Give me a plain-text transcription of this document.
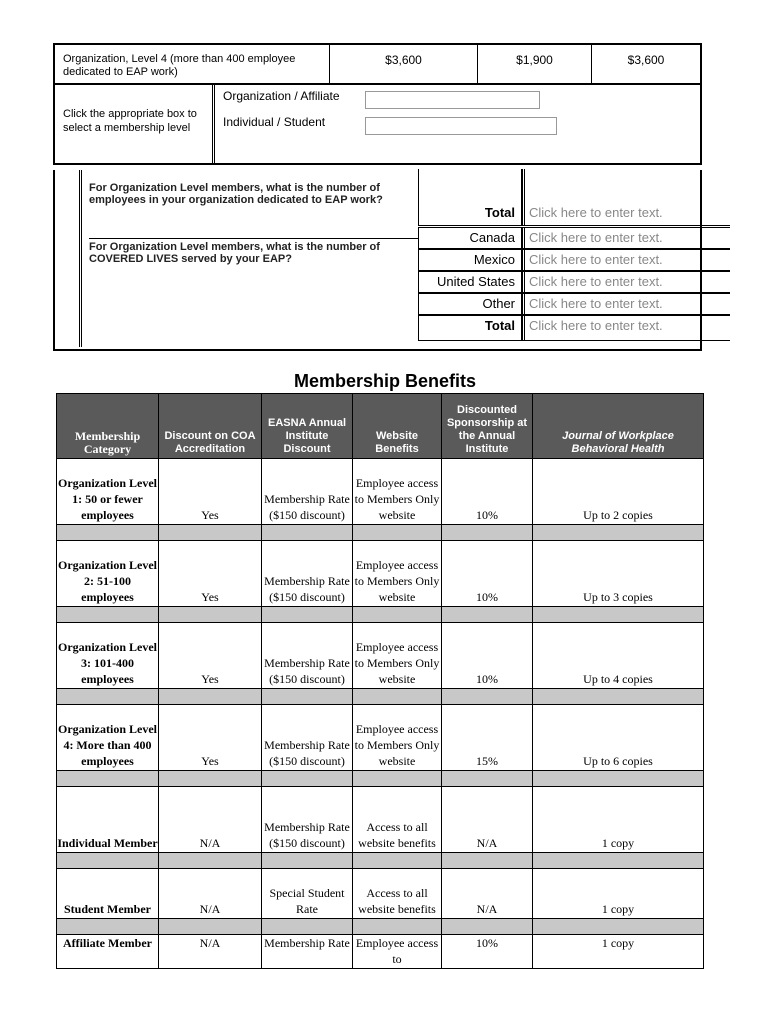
Organization, Level 4 (more than 400 employee dedicated to EAP work)
$3,600	$1,900	$3,600
Click the appropriate box to select a membership level
Organization / Affiliate
Individual / Student
For Organization Level members, what is the number of employees in your organization dedicated to EAP work?
For Organization Level members, what is the number of COVERED LIVES served by your EAP?
Total	Click here to enter text.
Canada	Click here to enter text.
Mexico	Click here to enter text.
United States	Click here to enter text.
Other	Click here to enter text.
Total	Click here to enter text.
Membership Benefits
Membership Category	Discount on COA Accreditation	EASNA Annual Institute Discount	Website Benefits	Discounted Sponsorship at the Annual Institute	Journal of Workplace Behavioral Health
Organization Level 1: 50 or fewer employees	Yes	Membership Rate ($150 discount)	Employee access to Members Only website	10%	Up to 2 copies

Organization Level 2: 51-100 employees	Yes	Membership Rate ($150 discount)	Employee access to Members Only website	10%	Up to 3 copies

Organization Level 3: 101-400 employees	Yes	Membership Rate ($150 discount)	Employee access to Members Only website	10%	Up to 4 copies

Organization Level 4: More than 400 employees	Yes	Membership Rate ($150 discount)	Employee access to Members Only website	15%	Up to 6 copies

Individual Member	N/A	Membership Rate ($150 discount)	Access to all website benefits	N/A	1 copy

Student Member	N/A	Special Student Rate	Access to all website benefits	N/A	1 copy

Affiliate Member	N/A	Membership Rate	Employee access to	10%	1 copy
